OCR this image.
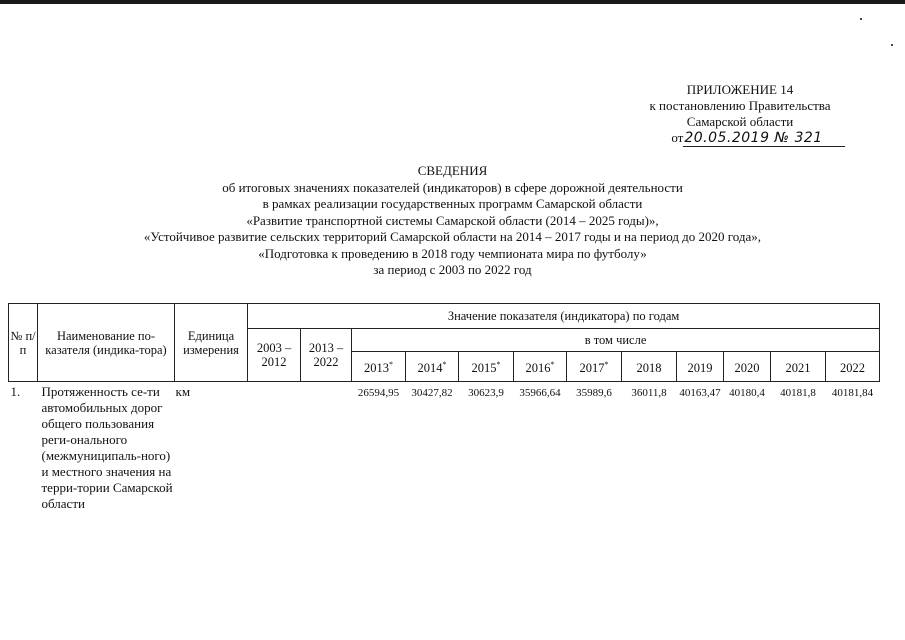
ПРИЛОЖЕНИЕ 14
к постановлению Правительства
Самарской области
от20.05.2019 № 321
СВЕДЕНИЯ
об итоговых значениях показателей (индикаторов) в сфере дорожной деятельности
в рамках реализации государственных программ Самарской области
«Развитие транспортной системы Самарской области (2014 – 2025 годы)»,
«Устойчивое развитие сельских территорий Самарской области на 2014 – 2017 годы и на период до 2020 года»,
«Подготовка к проведению в 2018 году чемпионата мира по футболу»
за период с 2003 по 2022 год
№ п/п	Наименование по-казателя (индика-тора)	Единица измерения	Значение показателя (индикатора) по годам											
			2003 – 2012	2013 – 2022	в том числе									
					2013*	2014*	2015*	2016*	2017*	2018	2019	2020	2021	2022
1.	Протяженность се-ти автомобильных дорог общего пользования реги-онального (межмуниципаль-ного) и местного значения на терри-тории Самарской области	км			26594,95	30427,82	30623,9	35966,64	35989,6	36011,8	40163,47	40180,4	40181,8	40181,84
